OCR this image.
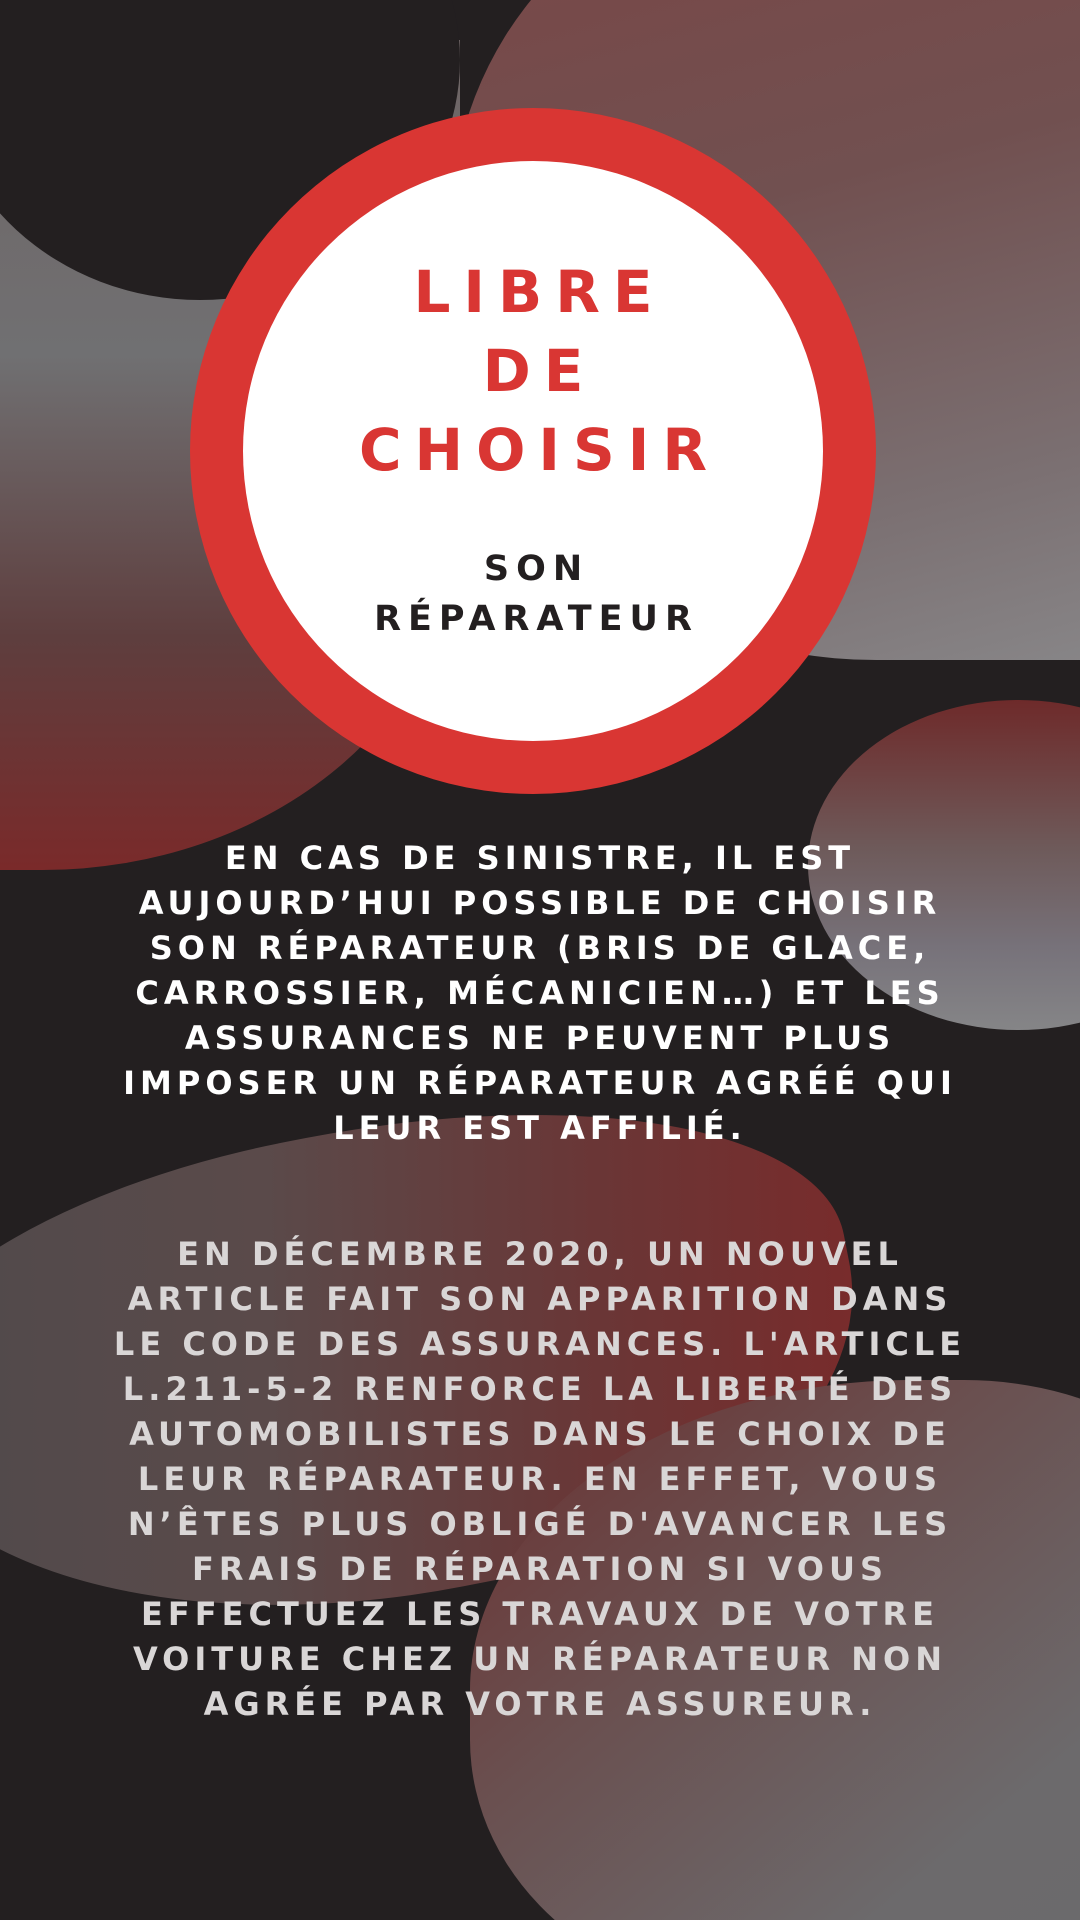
LIBRE
DE
CHOISIR
SON
RÉPARATEUR
EN CAS DE SINISTRE, IL EST AUJOURD’HUI POSSIBLE DE CHOISIR SON RÉPARATEUR (BRIS DE GLACE, CARROSSIER, MÉCANICIEN…) ET LES ASSURANCES NE PEUVENT PLUS IMPOSER UN RÉPARATEUR AGRÉÉ QUI LEUR EST AFFILIÉ.
EN DÉCEMBRE 2020, UN NOUVEL ARTICLE FAIT SON APPARITION DANS LE CODE DES ASSURANCES. L'ARTICLE L.211-5-2 RENFORCE LA LIBERTÉ DES AUTOMOBILISTES DANS LE CHOIX DE LEUR RÉPARATEUR. EN EFFET, VOUS N’ÊTES PLUS OBLIGÉ D'AVANCER LES FRAIS DE RÉPARATION SI VOUS EFFECTUEZ LES TRAVAUX DE VOTRE VOITURE CHEZ UN RÉPARATEUR NON AGRÉE PAR VOTRE ASSUREUR.
